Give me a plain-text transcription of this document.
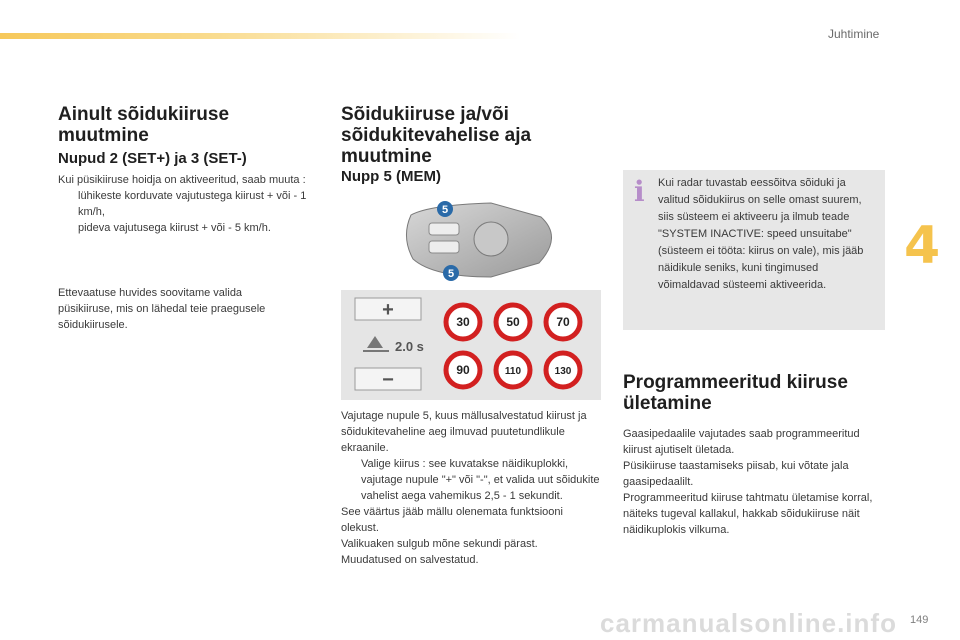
Juhtimine
4
Ainult sõidukiiruse muutmine
Nupud 2 (SET+) ja 3 (SET-)

Kui püsikiiruse hoidja on aktiveeritud, saab muuta :

lühikeste korduvate vajutustega kiirust + või - 1 km/h,
pideva vajutusega kiirust + või - 5 km/h.
Ettevaatuse huvides soovitame valida püsikiiruse, mis on lähedal teie praegusele sõidukiirusele.
Sõidukiiruse ja/või sõidukitevahelise aja muutmine
Nupp 5 (MEM)
5
5
+
−
2.0 s
30	50	70
90	110	130

Vajutage nupule 5, kuus mällusalvestatud kiirust ja sõidukitevaheline aeg ilmuvad puutetundlikule ekraanile.

Valige kiirus : see kuvatakse näidikuplokki,
vajutage nupule "+" või "-", et valida uut sõidukite vahelist aega vahemikus 2,5 - 1 sekundit.

See väärtus jääb mällu olenemata funktsiooni olekust.

Valikuaken sulgub mõne sekundi pärast.

Muudatused on salvestatud.

i Kui radar tuvastab eessõitva sõiduki ja valitud sõidukiirus on selle omast suurem, siis süsteem ei aktiveeru ja ilmub teade "SYSTEM INACTIVE: speed unsuitabe" (süsteem ei tööta: kiirus on vale), mis jääb näidikule seniks, kuni tingimused võimaldavad süsteemi aktiveerida.
Programmeeritud kiiruse ületamine

Gaasipedaalile vajutades saab programmeeritud kiirust ajutiselt ületada.

Püsikiiruse taastamiseks piisab, kui võtate jala gaasipedaalilt.

Programmeeritud kiiruse tahtmatu ületamise korral, näiteks tugeval kallakul, hakkab sõidukiiruse näit näidikuplokis vilkuma.

149
carmanualsonline.info
